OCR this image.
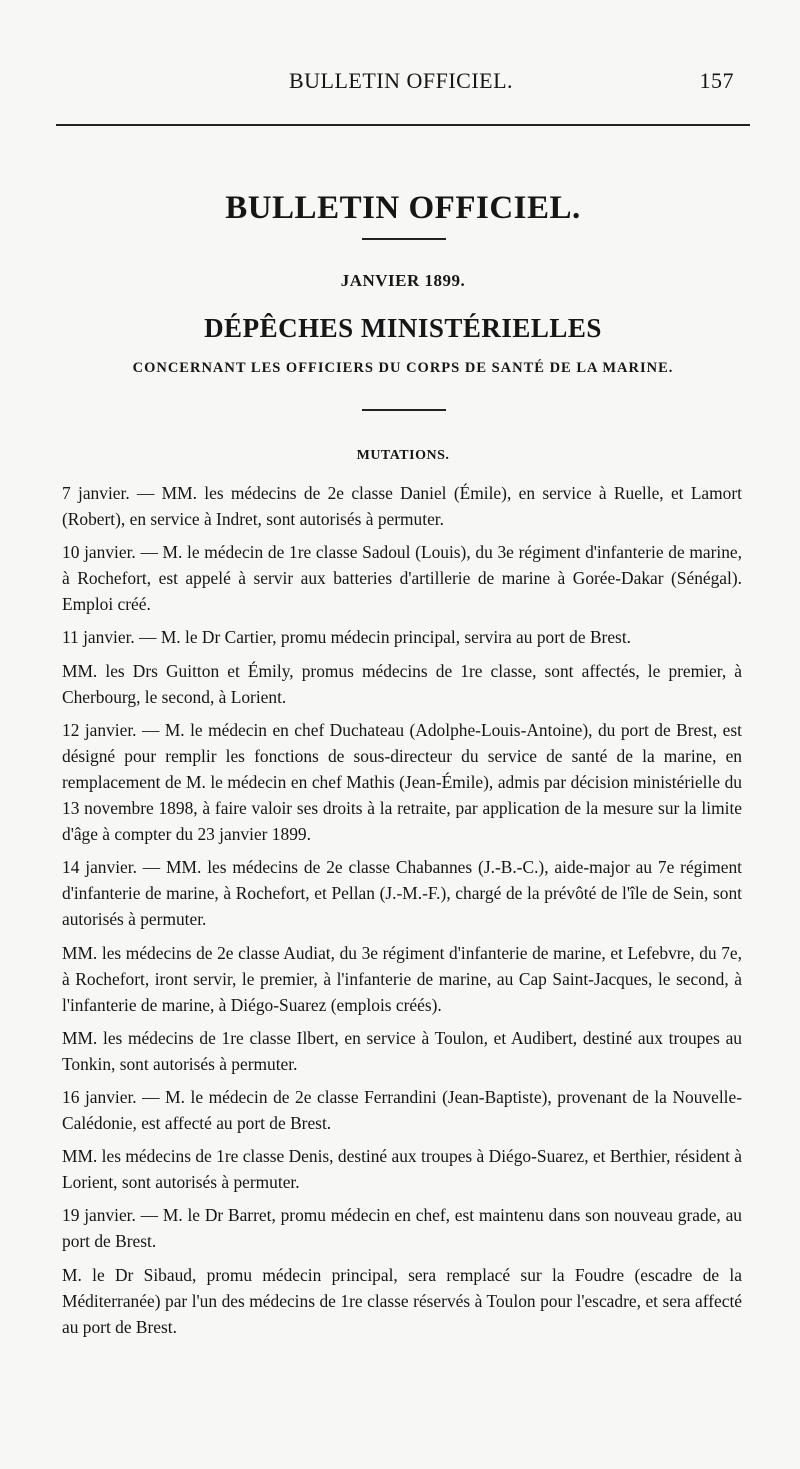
BULLETIN OFFICIEL.	157
BULLETIN OFFICIEL.
JANVIER 1899.
DÉPÊCHES MINISTÉRIELLES
CONCERNANT LES OFFICIERS DU CORPS DE SANTÉ DE LA MARINE.
MUTATIONS.

7 janvier. — MM. les médecins de 2e classe Daniel (Émile), en service à Ruelle, et Lamort (Robert), en service à Indret, sont autorisés à permuter.

10 janvier. — M. le médecin de 1re classe Sadoul (Louis), du 3e régiment d'infanterie de marine, à Rochefort, est appelé à servir aux batteries d'artillerie de marine à Gorée-Dakar (Sénégal). Emploi créé.

11 janvier. — M. le Dr Cartier, promu médecin principal, servira au port de Brest.

MM. les Drs Guitton et Émily, promus médecins de 1re classe, sont affectés, le premier, à Cherbourg, le second, à Lorient.

12 janvier. — M. le médecin en chef Duchateau (Adolphe-Louis-Antoine), du port de Brest, est désigné pour remplir les fonctions de sous-directeur du service de santé de la marine, en remplacement de M. le médecin en chef Mathis (Jean-Émile), admis par décision ministérielle du 13 novembre 1898, à faire valoir ses droits à la retraite, par application de la mesure sur la limite d'âge à compter du 23 janvier 1899.

14 janvier. — MM. les médecins de 2e classe Chabannes (J.-B.-C.), aide-major au 7e régiment d'infanterie de marine, à Rochefort, et Pellan (J.-M.-F.), chargé de la prévôté de l'île de Sein, sont autorisés à permuter.

MM. les médecins de 2e classe Audiat, du 3e régiment d'infanterie de marine, et Lefebvre, du 7e, à Rochefort, iront servir, le premier, à l'infanterie de marine, au Cap Saint-Jacques, le second, à l'infanterie de marine, à Diégo-Suarez (emplois créés).

MM. les médecins de 1re classe Ilbert, en service à Toulon, et Audibert, destiné aux troupes au Tonkin, sont autorisés à permuter.

16 janvier. — M. le médecin de 2e classe Ferrandini (Jean-Baptiste), provenant de la Nouvelle-Calédonie, est affecté au port de Brest.

MM. les médecins de 1re classe Denis, destiné aux troupes à Diégo-Suarez, et Berthier, résident à Lorient, sont autorisés à permuter.

19 janvier. — M. le Dr Barret, promu médecin en chef, est maintenu dans son nouveau grade, au port de Brest.

M. le Dr Sibaud, promu médecin principal, sera remplacé sur la Foudre (escadre de la Méditerranée) par l'un des médecins de 1re classe réservés à Toulon pour l'escadre, et sera affecté au port de Brest.
